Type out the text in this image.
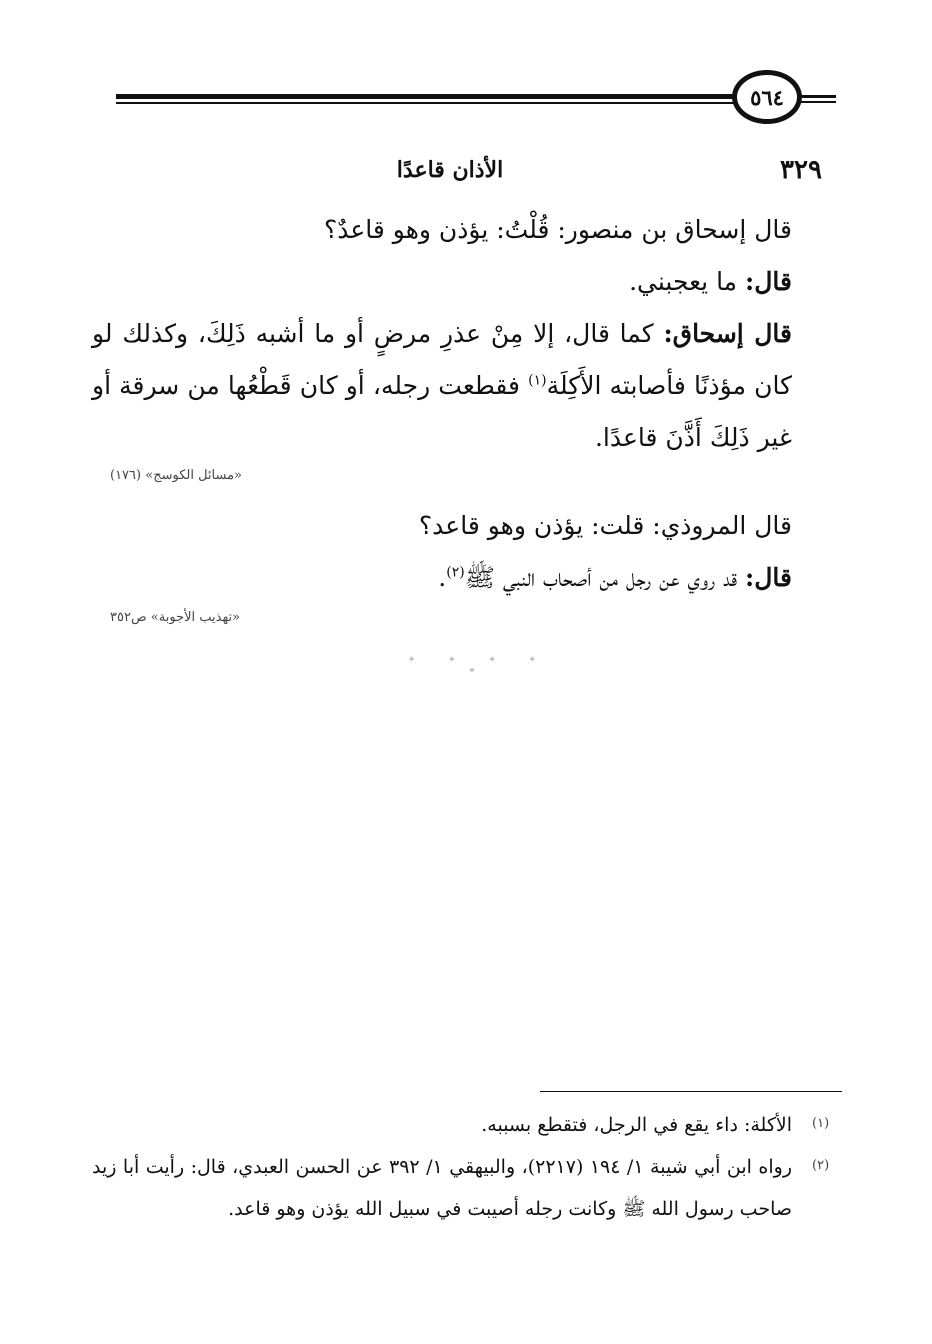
٥٦٤
٣٢٩
الأذان قاعدًا
قال إسحاق بن منصور: قُلْتُ: يؤذن وهو قاعدٌ؟
قال: ما يعجبني.
قال إسحاق: كما قال، إلا مِنْ عذرِ مرضٍ أو ما أشبه ذَلِكَ، وكذلك لو كان مؤذنًا فأصابته الأَكِلَة$^{(١)}$ فقطعت رجله، أو كان قَطْعُها من سرقة أو غير ذَلِكَ أَذَّنَ قاعدًا.
«مسائل الكوسج» (١٧٦)
قال المروذي: قلت: يؤذن وهو قاعد؟
قال: قد روي عن رجل من أصحاب النبي ﷺ$^{(٢)}$.
«تهذيب الأجوبة» ص٣٥٢
* * * * *
(١)
الأكلة: داء يقع في الرجل، فتقطع بسببه.
(٢)
رواه ابن أبي شيبة ١/ ١٩٤ (٢٢١٧)، والبيهقي ١/ ٣٩٢ عن الحسن العبدي، قال: رأيت أبا زيد صاحب رسول الله ﷺ وكانت رجله أصيبت في سبيل الله يؤذن وهو قاعد.
